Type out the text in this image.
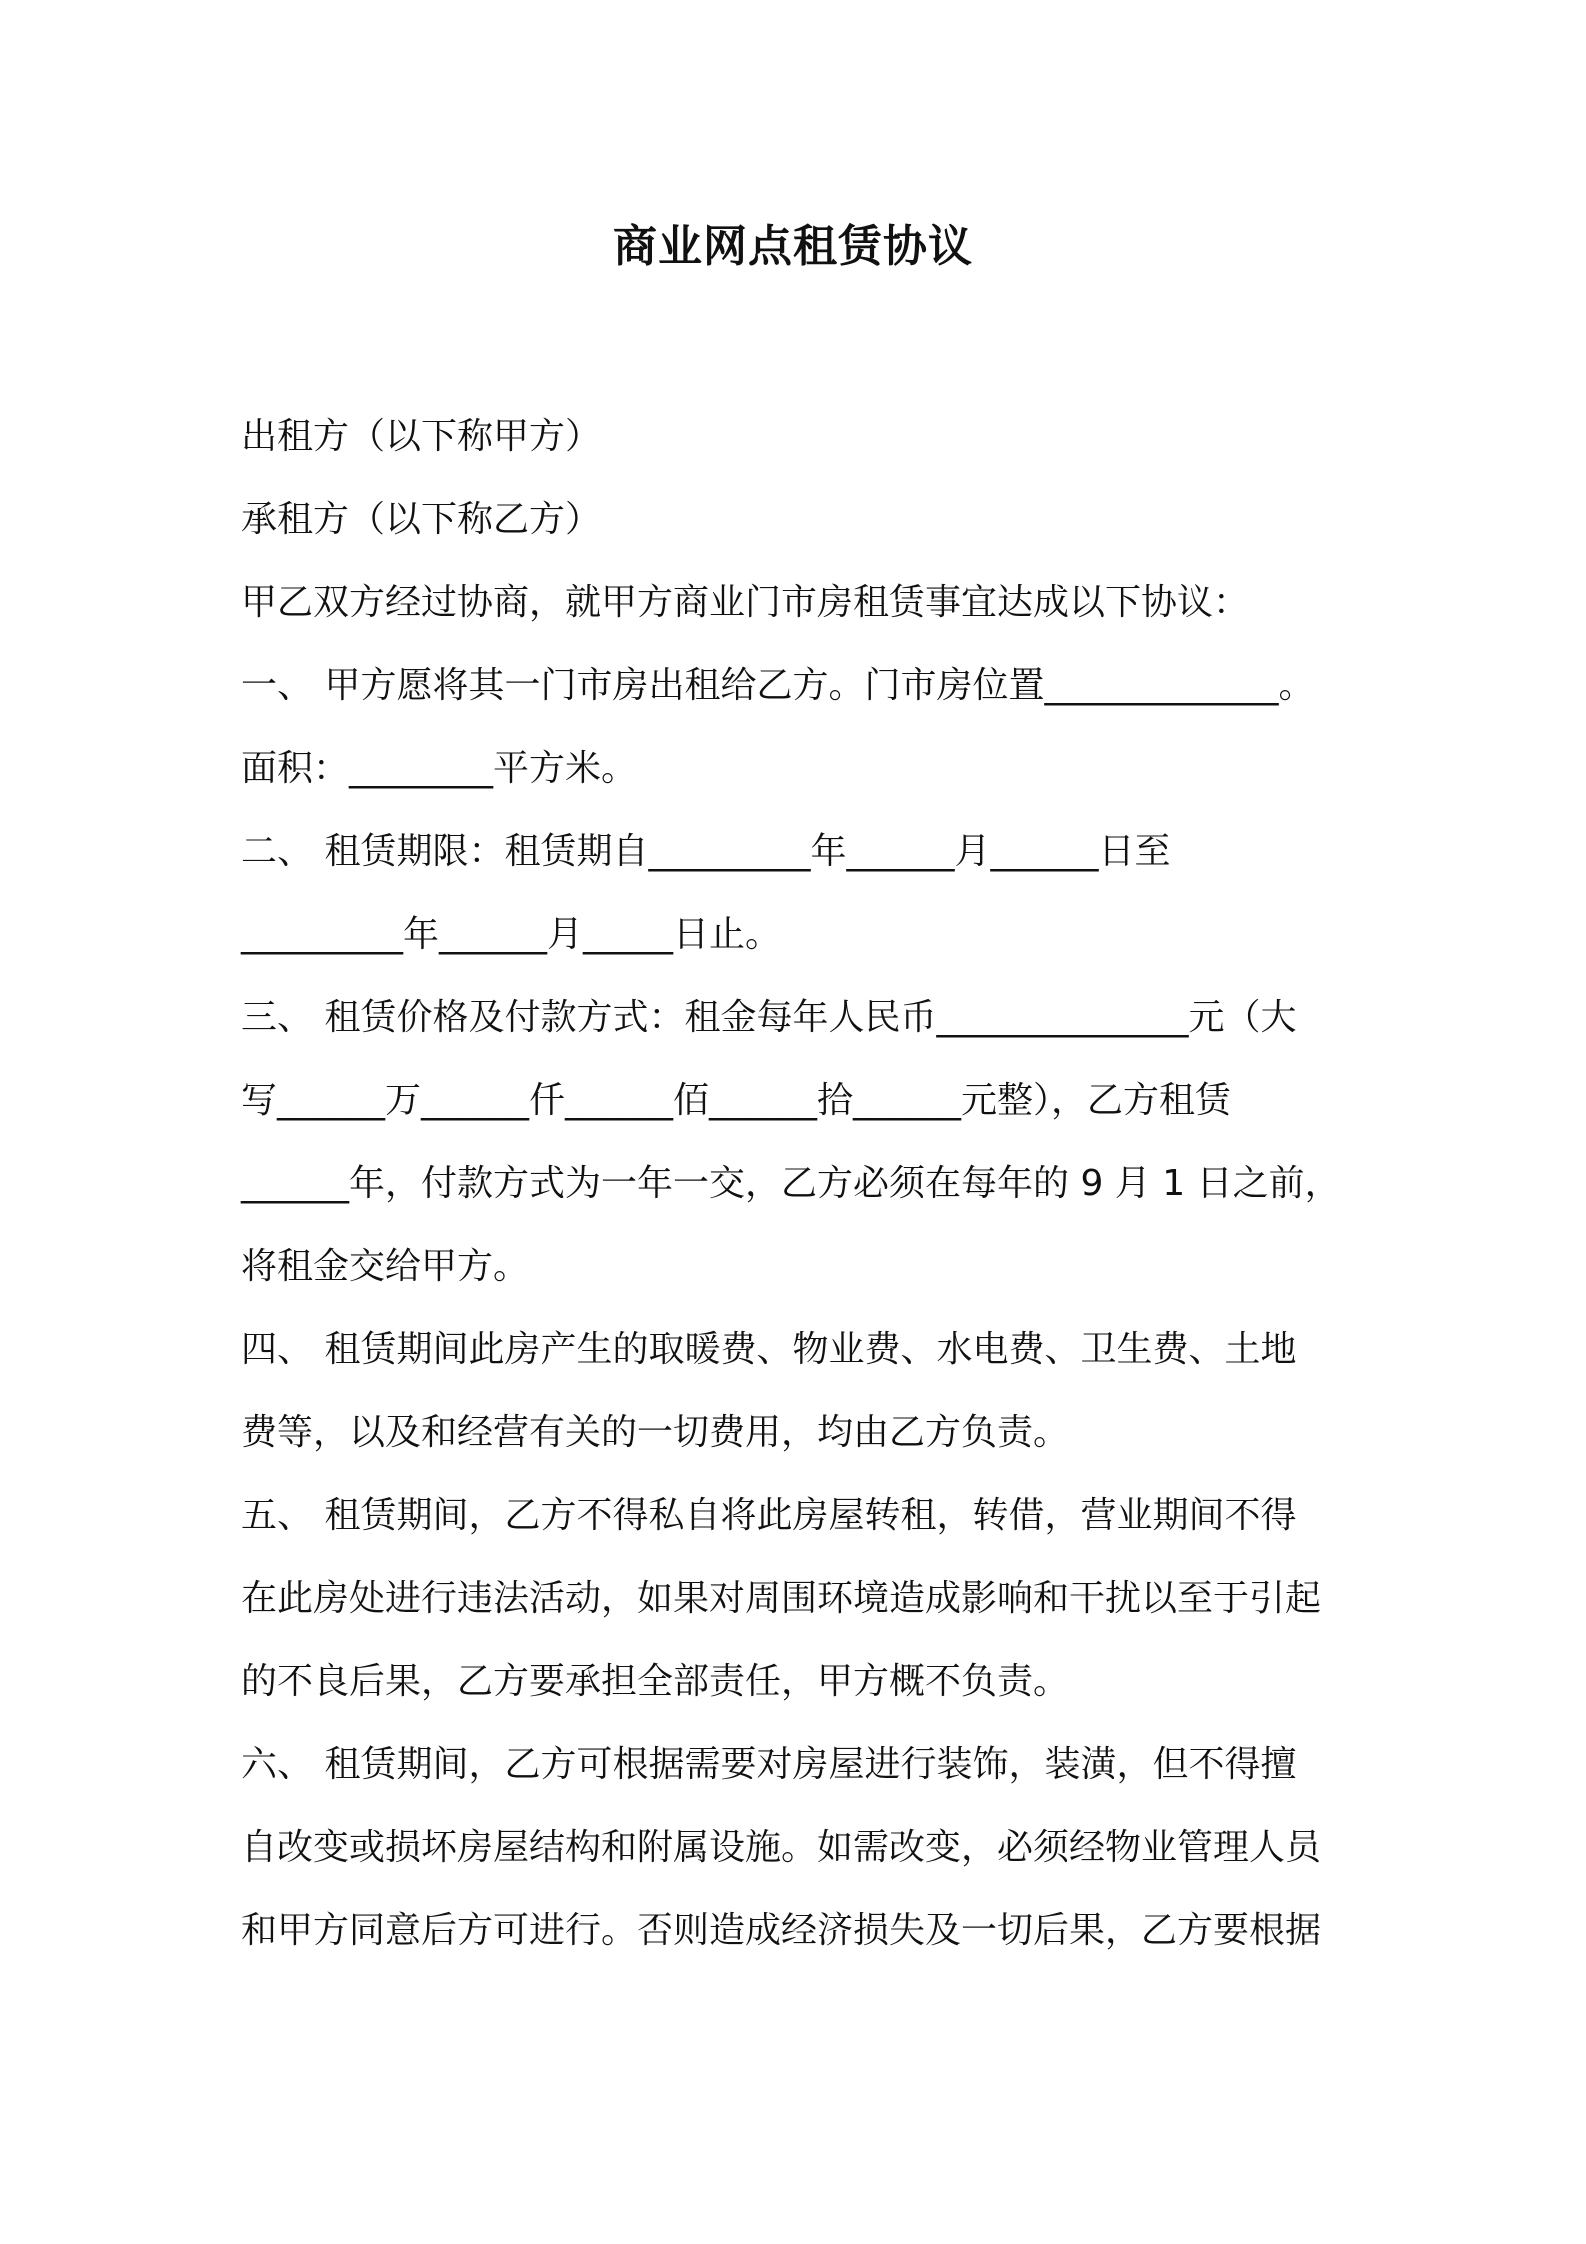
商业网点租赁协议
出租方（以下称甲方）
承租方（以下称乙方）
甲乙双方经过协商，就甲方商业门市房租赁事宜达成以下协议：
一、 甲方愿将其一门市房出租给乙方。门市房位置_____________。
面积：________平方米。
二、 租赁期限：租赁期自_________年______月______日至
_________年______月_____日止。
三、 租赁价格及付款方式：租金每年人民币______________元（大
写______万______仟______佰______拾______元整），乙方租赁
______年，付款方式为一年一交，乙方必须在每年的 9 月 1 日之前，
将租金交给甲方。
四、 租赁期间此房产生的取暖费、物业费、水电费、卫生费、土地
费等，以及和经营有关的一切费用，均由乙方负责。
五、 租赁期间，乙方不得私自将此房屋转租，转借，营业期间不得
在此房处进行违法活动，如果对周围环境造成影响和干扰以至于引起
的不良后果，乙方要承担全部责任，甲方概不负责。
六、 租赁期间，乙方可根据需要对房屋进行装饰，装潢，但不得擅
自改变或损坏房屋结构和附属设施。如需改变，必须经物业管理人员
和甲方同意后方可进行。否则造成经济损失及一切后果，乙方要根据
